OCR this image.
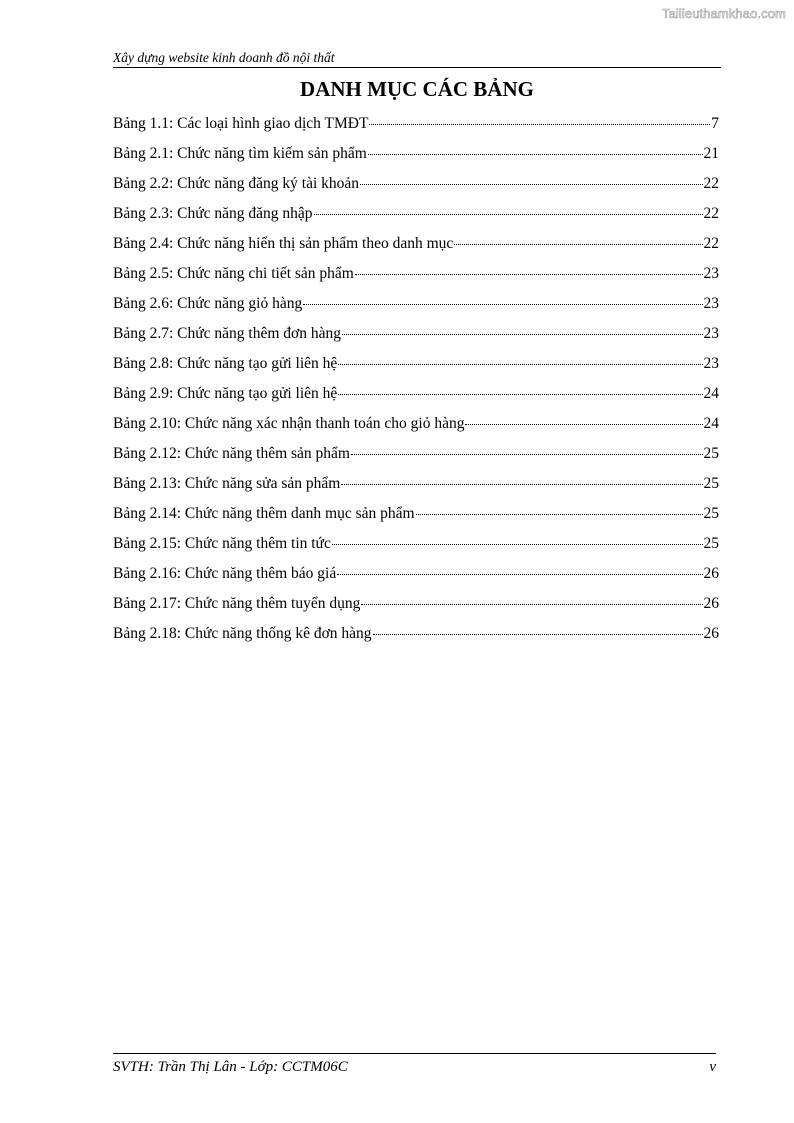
Tailieuthamkhao.com
Xây dựng website kinh doanh đồ nội thất
DANH MỤC CÁC BẢNG
Bảng 1.1: Các loại hình giao dịch TMĐT	7
Bảng 2.1: Chức năng tìm kiếm sản phẩm	21
Bảng 2.2: Chức năng đăng ký tài khoản	22
Bảng 2.3: Chức năng đăng nhập	22
Bảng 2.4: Chức năng hiển thị sản phẩm theo danh mục	22
Bảng 2.5: Chức năng chi tiết sản phẩm	23
Bảng 2.6: Chức năng giỏ hàng	23
Bảng 2.7: Chức năng thêm đơn hàng	23
Bảng 2.8: Chức năng tạo gửi liên hệ	23
Bảng 2.9: Chức năng tạo gửi liên hệ	24
Bảng 2.10: Chức năng xác nhận thanh toán cho giỏ hàng	24
Bảng 2.12: Chức năng thêm sản phẩm	25
Bảng 2.13: Chức năng sửa sản phẩm	25
Bảng 2.14: Chức năng thêm danh mục sản phẩm	25
Bảng 2.15: Chức năng thêm tin tức	25
Bảng 2.16: Chức năng thêm báo giá	26
Bảng 2.17: Chức năng thêm tuyển dụng	26
Bảng 2.18: Chức năng thống kê đơn hàng	26
SVTH: Trần Thị Lân - Lớp: CCTM06C	v
